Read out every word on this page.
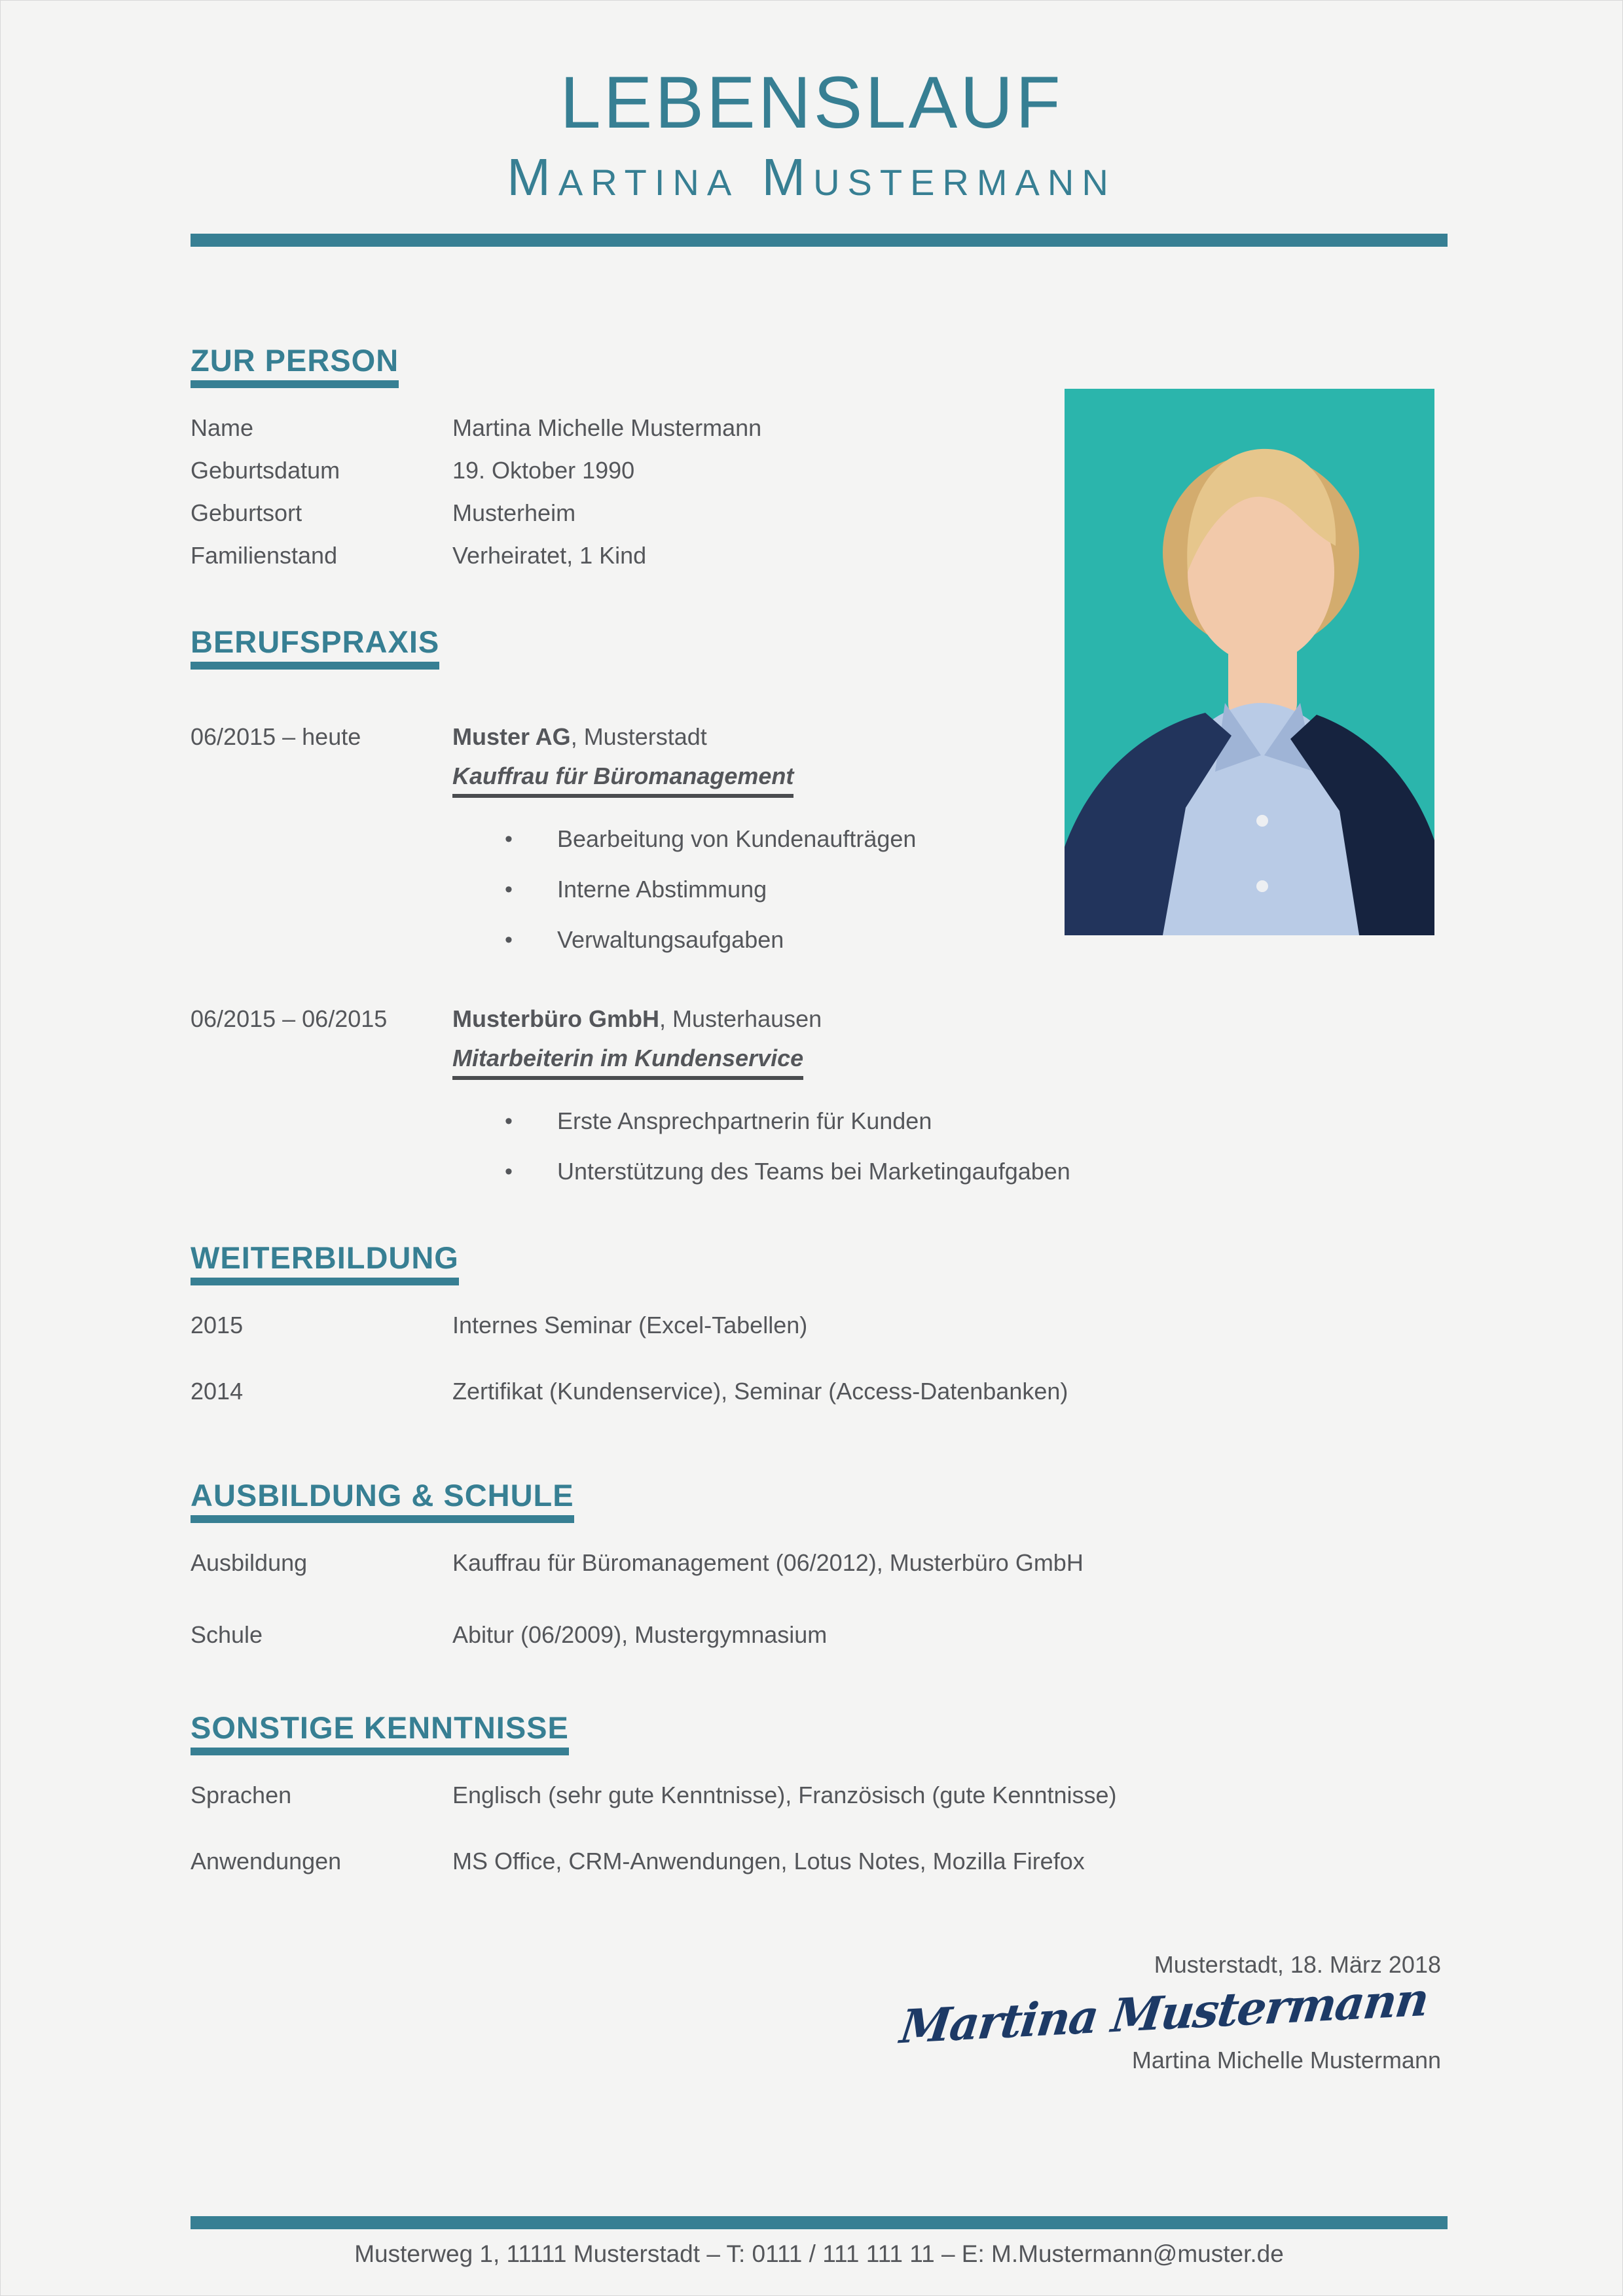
LEBENSLAUF
Martina Mustermann
ZUR PERSON
Name	Martina Michelle Mustermann
Geburtsdatum	19. Oktober 1990
Geburtsort	Musterheim
Familienstand	Verheiratet, 1 Kind
BERUFSPRAXIS
06/2015 – heute	Muster AG, Musterstadt
Kauffrau für Büromanagement
•	Bearbeitung von Kundenaufträgen
•	Interne Abstimmung
•	Verwaltungsaufgaben
06/2015 – 06/2015	Musterbüro GmbH, Musterhausen
Mitarbeiterin im Kundenservice
•	Erste Ansprechpartnerin für Kunden
•	Unterstützung des Teams bei Marketingaufgaben
WEITERBILDUNG
2015	Internes Seminar (Excel-Tabellen)
2014	Zertifikat (Kundenservice), Seminar (Access-Datenbanken)
AUSBILDUNG & SCHULE
Ausbildung	Kauffrau für Büromanagement (06/2012), Musterbüro GmbH
Schule	Abitur (06/2009), Mustergymnasium
SONSTIGE KENNTNISSE
Sprachen	Englisch (sehr gute Kenntnisse), Französisch (gute Kenntnisse)
Anwendungen	MS Office, CRM-Anwendungen, Lotus Notes, Mozilla Firefox
Musterstadt, 18. März 2018
Martina Mustermann
Martina Michelle Mustermann
Musterweg 1, 11111 Musterstadt – T: 0111 / 111 111 11 – E: M.Mustermann@muster.de
